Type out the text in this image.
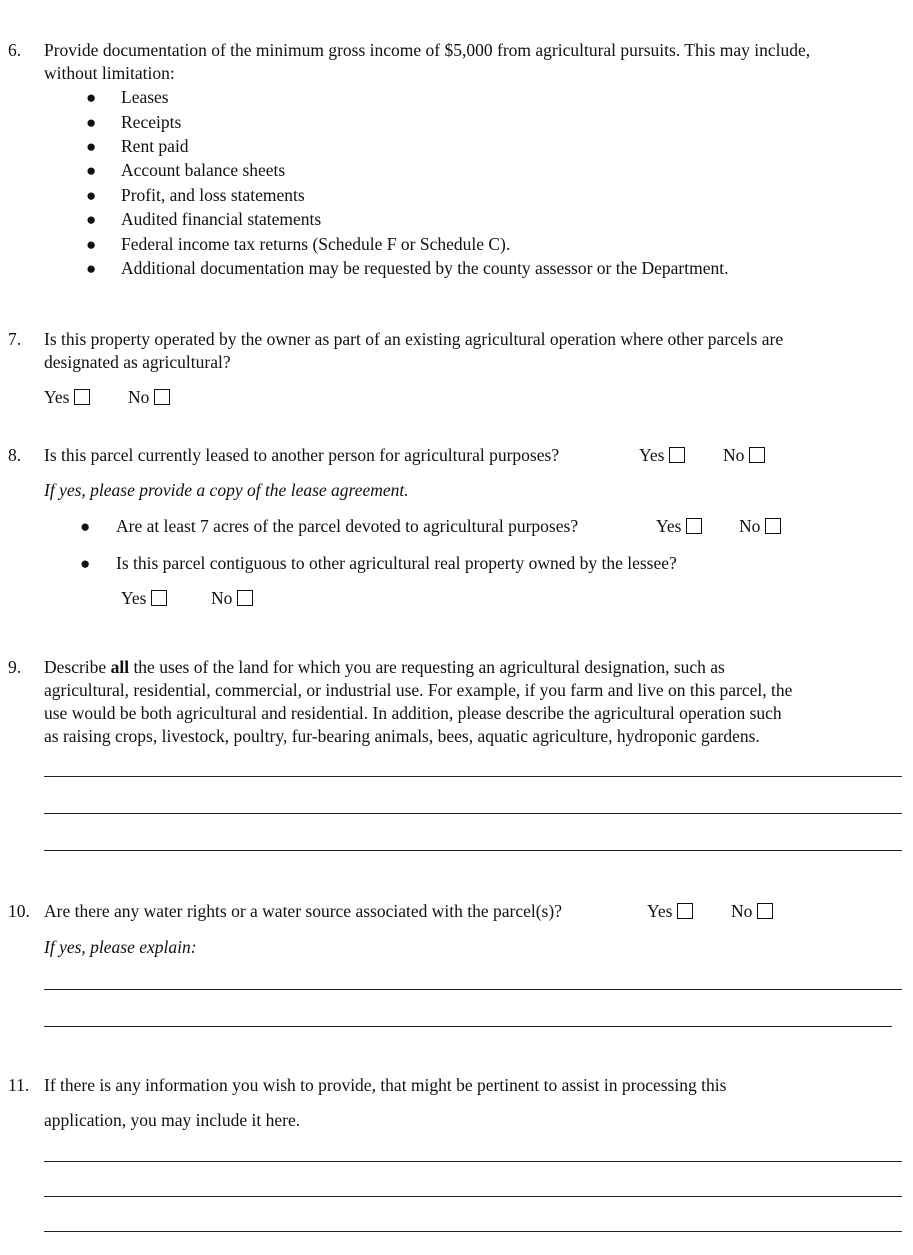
6. Provide documentation of the minimum gross income of $5,000 from agricultural pursuits. This may include, without limitation:
● Leases
● Receipts
● Rent paid
● Account balance sheets
● Profit, and loss statements
● Audited financial statements
● Federal income tax returns (Schedule F or Schedule C).
● Additional documentation may be requested by the county assessor or the Department.
7. Is this property operated by the owner as part of an existing agricultural operation where other parcels are
designated as agricultural?
Yes	No
8. Is this parcel currently leased to another person for agricultural purposes?	Yes	No
If yes, please provide a copy of the lease agreement.
● Are at least 7 acres of the parcel devoted to agricultural purposes?	Yes	No
● Is this parcel contiguous to other agricultural real property owned by the lessee?
Yes	No
9. Describe all the uses of the land for which you are requesting an agricultural designation, such as
agricultural, residential, commercial, or industrial use. For example, if you farm and live on this parcel, the
use would be both agricultural and residential. In addition, please describe the agricultural operation such
as raising crops, livestock, poultry, fur-bearing animals, bees, aquatic agriculture, hydroponic gardens.
10. Are there any water rights or a water source associated with the parcel(s)?	Yes	No
If yes, please explain:
11. If there is any information you wish to provide, that might be pertinent to assist in processing this
application, you may include it here.
